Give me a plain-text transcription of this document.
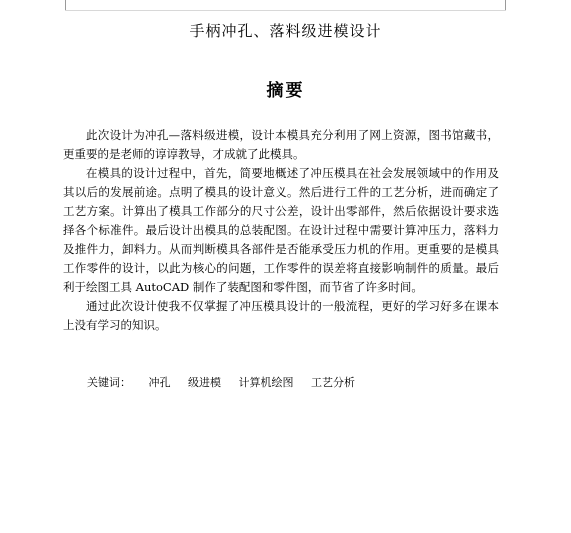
手柄冲孔、落料级进模设计
摘要

此次设计为冲孔—落料级进模，设计本模具充分利用了网上资源，图书馆藏书，更重要的是老师的谆谆教导，才成就了此模具。

在模具的设计过程中，首先，简要地概述了冲压模具在社会发展领域中的作用及其以后的发展前途。点明了模具的设计意义。然后进行工件的工艺分析，进而确定了工艺方案。计算出了模具工作部分的尺寸公差，设计出零部件，然后依据设计要求选择各个标准件。最后设计出模具的总装配图。在设计过程中需要计算冲压力，落料力及推件力，卸料力。从而判断模具各部件是否能承受压力机的作用。更重要的是模具工作零件的设计，以此为核心的问题，工作零件的误差将直接影响制件的质量。最后利于绘图工具 AutoCAD 制作了装配图和零件图，而节省了许多时间。

通过此次设计使我不仅掌握了冲压模具设计的一般流程，更好的学习好多在课本上没有学习的知识。

关键词： 冲孔 级进模 计算机绘图 工艺分析
